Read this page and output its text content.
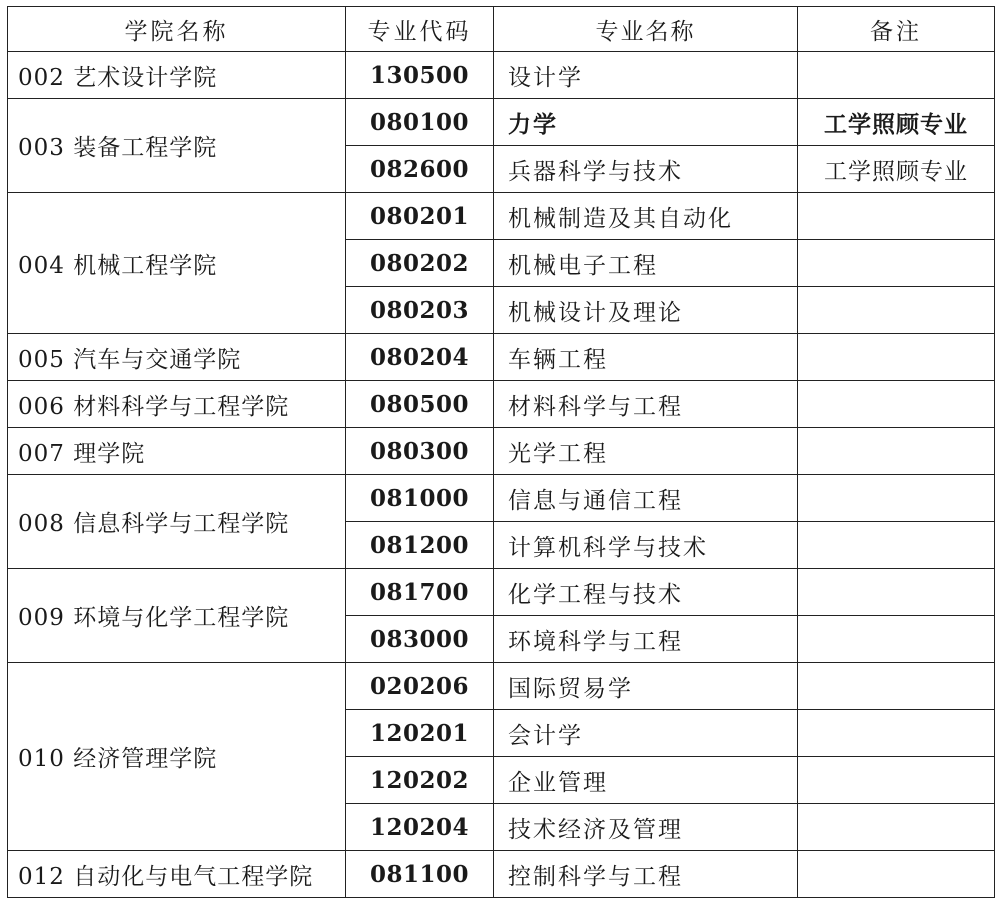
学院名称	专业代码	专业名称	备注
002 艺术设计学院	130500	设计学	
003 装备工程学院	080100	力学	工学照顾专业
	082600	兵器科学与技术	工学照顾专业
004 机械工程学院	080201	机械制造及其自动化	
	080202	机械电子工程	
	080203	机械设计及理论	
005 汽车与交通学院	080204	车辆工程	
006 材料科学与工程学院	080500	材料科学与工程	
007 理学院	080300	光学工程	
008 信息科学与工程学院	081000	信息与通信工程	
	081200	计算机科学与技术	
009 环境与化学工程学院	081700	化学工程与技术	
	083000	环境科学与工程	
010 经济管理学院	020206	国际贸易学	
	120201	会计学	
	120202	企业管理	
	120204	技术经济及管理	
012 自动化与电气工程学院	081100	控制科学与工程	
